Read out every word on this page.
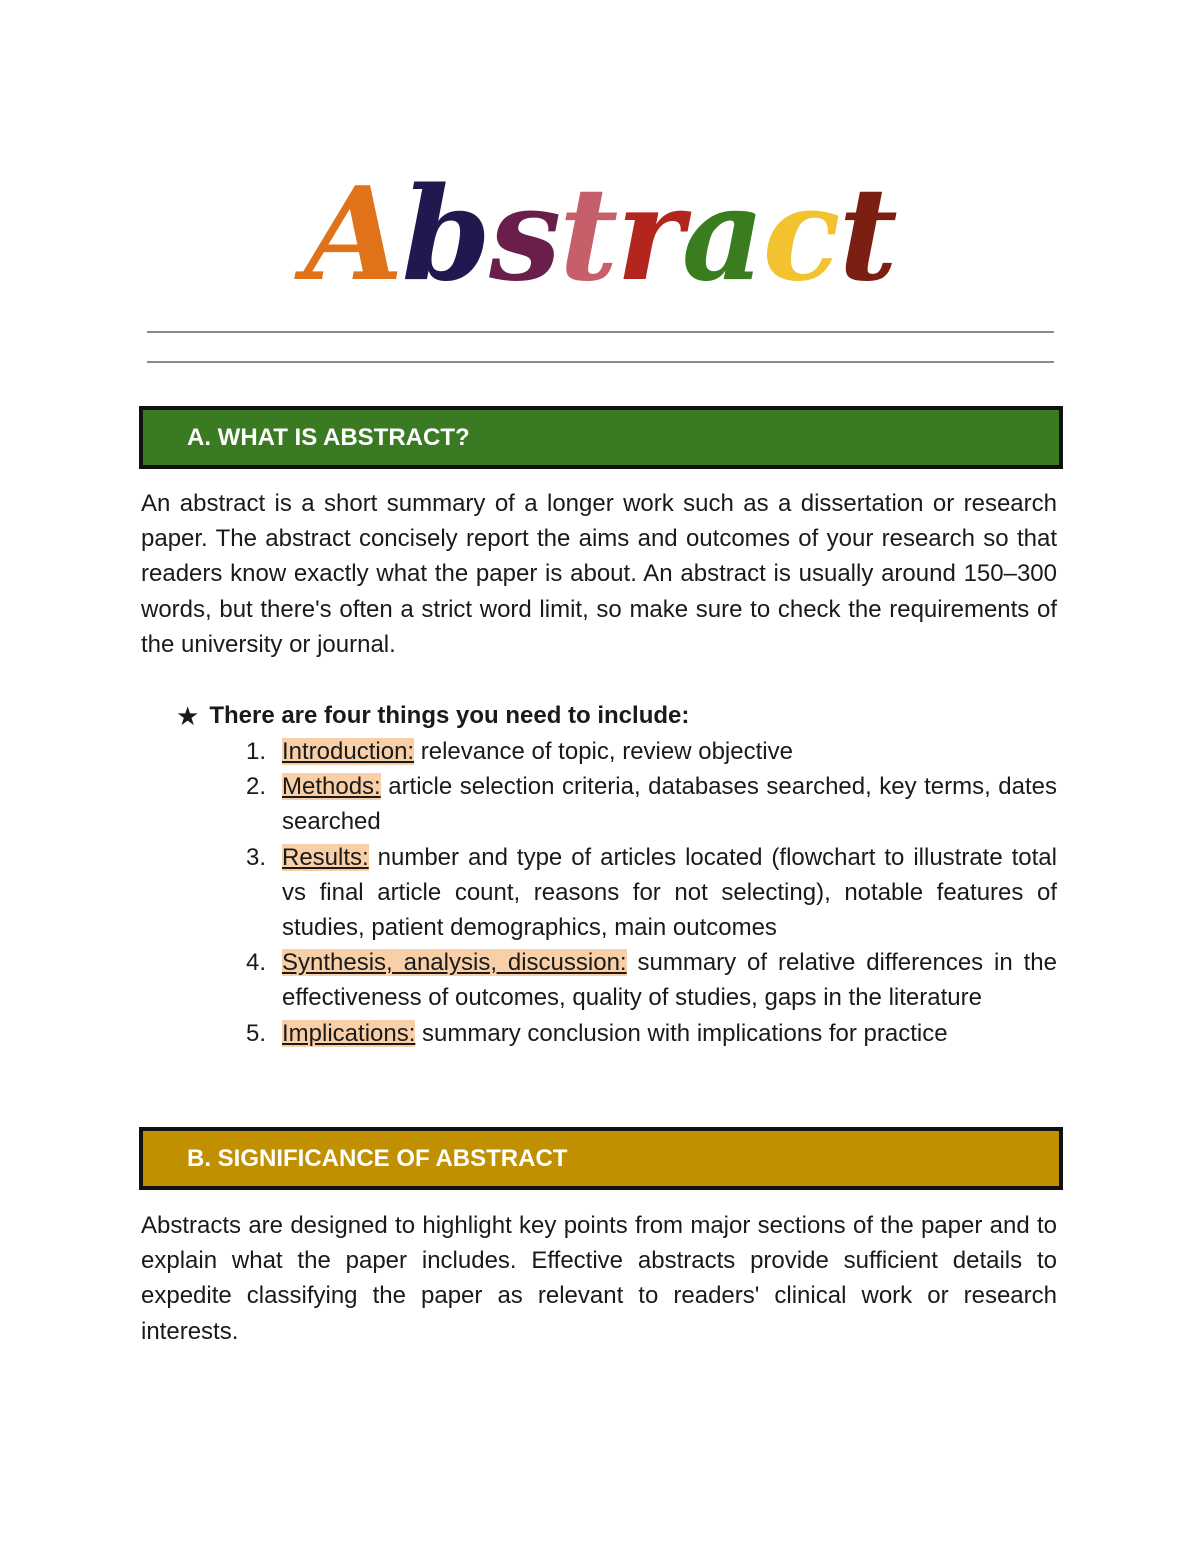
Abstract
A. WHAT IS ABSTRACT?

An abstract is a short summary of a longer work such as a dissertation or research paper. The abstract concisely report the aims and outcomes of your research so that readers know exactly what the paper is about. An abstract is usually around 150–300 words, but there's often a strict word limit, so make sure to check the requirements of the university or journal.

★ There are four things you need to include:
1. Introduction: relevance of topic, review objective
2. Methods: article selection criteria, databases searched, key terms, dates searched
3. Results: number and type of articles located (flowchart to illustrate total vs final article count, reasons for not selecting), notable features of studies, patient demographics, main outcomes
4. Synthesis, analysis, discussion: summary of relative differences in the effectiveness of outcomes, quality of studies, gaps in the literature
5. Implications: summary conclusion with implications for practice
B. SIGNIFICANCE OF ABSTRACT

Abstracts are designed to highlight key points from major sections of the paper and to explain what the paper includes. Effective abstracts provide sufficient details to expedite classifying the paper as relevant to readers' clinical work or research interests.
